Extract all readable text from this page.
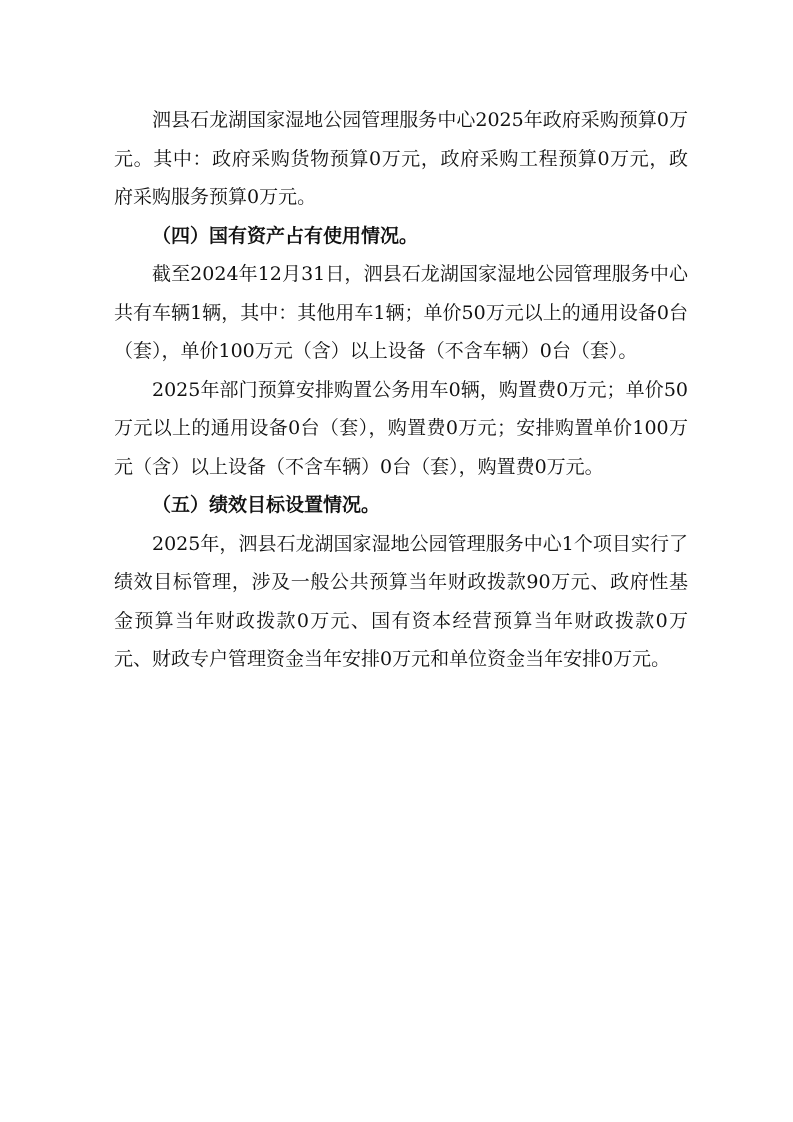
泗县石龙湖国家湿地公园管理服务中心2025年政府采购预算0万元。其中：政府采购货物预算0万元，政府采购工程预算0万元，政府采购服务预算0万元。

（四）国有资产占有使用情况。

截至2024年12月31日，泗县石龙湖国家湿地公园管理服务中心共有车辆1辆，其中：其他用车1辆；单价50万元以上的通用设备0台（套），单价100万元（含）以上设备（不含车辆）0台（套）。

2025年部门预算安排购置公务用车0辆，购置费0万元；单价50万元以上的通用设备0台（套），购置费0万元；安排购置单价100万元（含）以上设备（不含车辆）0台（套），购置费0万元。

（五）绩效目标设置情况。

2025年，泗县石龙湖国家湿地公园管理服务中心1个项目实行了绩效目标管理，涉及一般公共预算当年财政拨款90万元、政府性基金预算当年财政拨款0万元、国有资本经营预算当年财政拨款0万元、财政专户管理资金当年安排0万元和单位资金当年安排0万元。
